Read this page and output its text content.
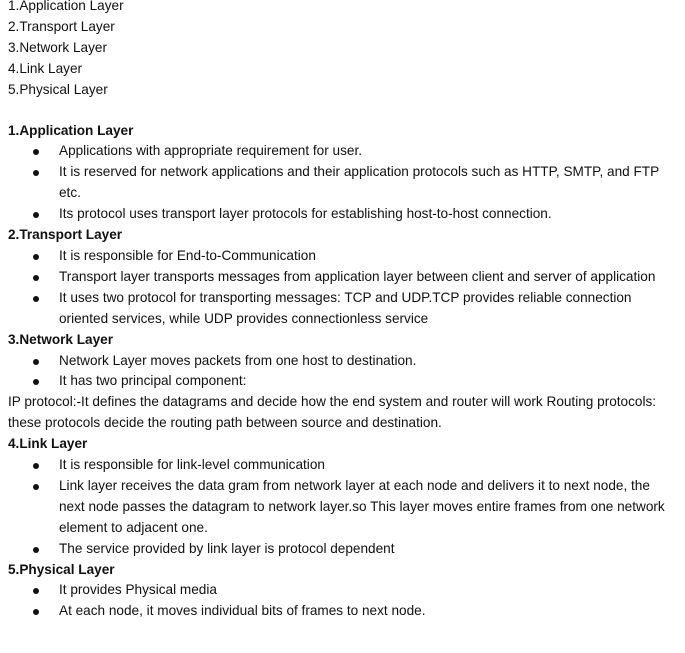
1.Application Layer
2.Transport Layer
3.Network Layer
4.Link Layer
5.Physical Layer
1.Application Layer
Applications with appropriate requirement for user.
It is reserved for network applications and their application protocols such as HTTP, SMTP, and FTP etc.
Its protocol uses transport layer protocols for establishing host-to-host connection.
2.Transport Layer
It is responsible for End-to-Communication
Transport layer transports messages from application layer between client and server of application
It uses two protocol for transporting messages: TCP and UDP.TCP provides reliable connection oriented services, while UDP provides connectionless service
3.Network Layer
Network Layer moves packets from one host to destination.
It has two principal component:
IP protocol:-It defines the datagrams and decide how the end system and router will work Routing protocols: these protocols decide the routing path between source and destination.
4.Link Layer
It is responsible for link-level communication
Link layer receives the data gram from network layer at each node and delivers it to next node, the next node passes the datagram to network layer.so This layer moves entire frames from one network element to adjacent one.
The service provided by link layer is protocol dependent
5.Physical Layer
It provides Physical media
At each node, it moves individual bits of frames to next node.
